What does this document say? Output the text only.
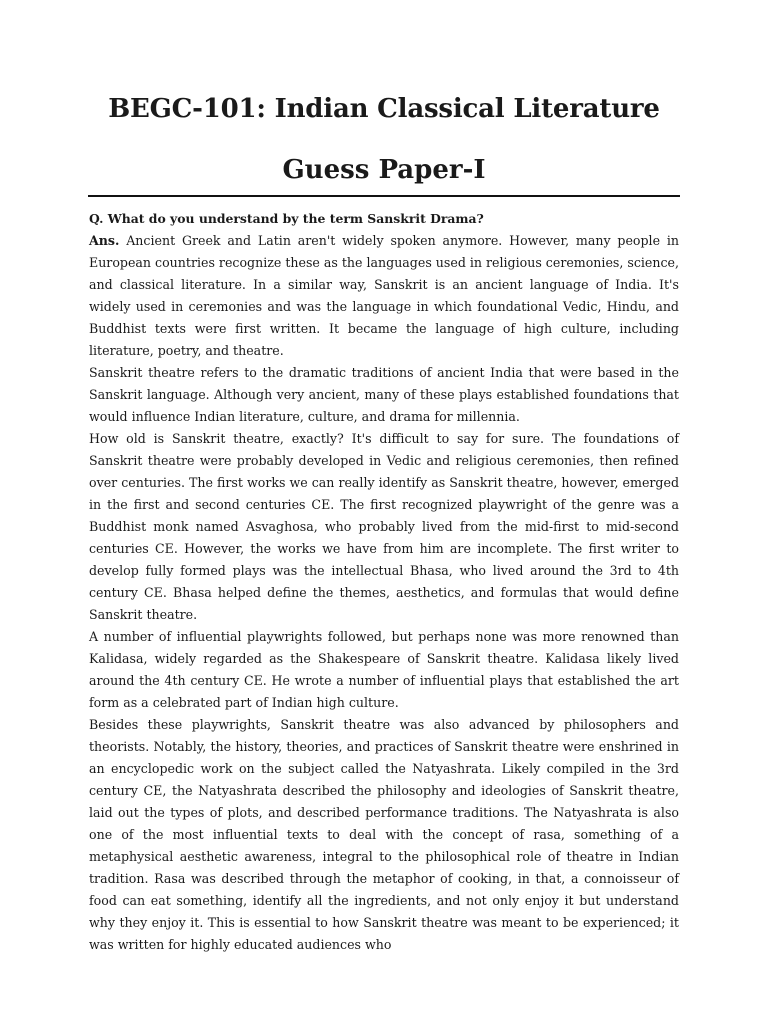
BEGC-101: Indian Classical Literature
Guess Paper-I

Q. What do you understand by the term Sanskrit Drama?

Ans. Ancient Greek and Latin aren't widely spoken anymore. However, many people in European countries recognize these as the languages used in religious ceremonies, science, and classical literature. In a similar way, Sanskrit is an ancient language of India. It's widely used in ceremonies and was the language in which foundational Vedic, Hindu, and Buddhist texts were first written. It became the language of high culture, including literature, poetry, and theatre.

Sanskrit theatre refers to the dramatic traditions of ancient India that were based in the Sanskrit language. Although very ancient, many of these plays established foundations that would influence Indian literature, culture, and drama for millennia.

How old is Sanskrit theatre, exactly? It's difficult to say for sure. The foundations of Sanskrit theatre were probably developed in Vedic and religious ceremonies, then refined over centuries. The first works we can really identify as Sanskrit theatre, however, emerged in the first and second centuries CE. The first recognized playwright of the genre was a Buddhist monk named Asvaghosa, who probably lived from the mid-first to mid-second centuries CE. However, the works we have from him are incomplete. The first writer to develop fully formed plays was the intellectual Bhasa, who lived around the 3rd to 4th century CE. Bhasa helped define the themes, aesthetics, and formulas that would define Sanskrit theatre.

A number of influential playwrights followed, but perhaps none was more renowned than Kalidasa, widely regarded as the Shakespeare of Sanskrit theatre. Kalidasa likely lived around the 4th century CE. He wrote a number of influential plays that established the art form as a celebrated part of Indian high culture.

Besides these playwrights, Sanskrit theatre was also advanced by philosophers and theorists. Notably, the history, theories, and practices of Sanskrit theatre were enshrined in an encyclopedic work on the subject called the Natyashrata. Likely compiled in the 3rd century CE, the Natyashrata described the philosophy and ideologies of Sanskrit theatre, laid out the types of plots, and described performance traditions. The Natyashrata is also one of the most influential texts to deal with the concept of rasa, something of a metaphysical aesthetic awareness, integral to the philosophical role of theatre in Indian tradition. Rasa was described through the metaphor of cooking, in that, a connoisseur of food can eat something, identify all the ingredients, and not only enjoy it but understand why they enjoy it. This is essential to how Sanskrit theatre was meant to be experienced; it was written for highly educated audiences who
